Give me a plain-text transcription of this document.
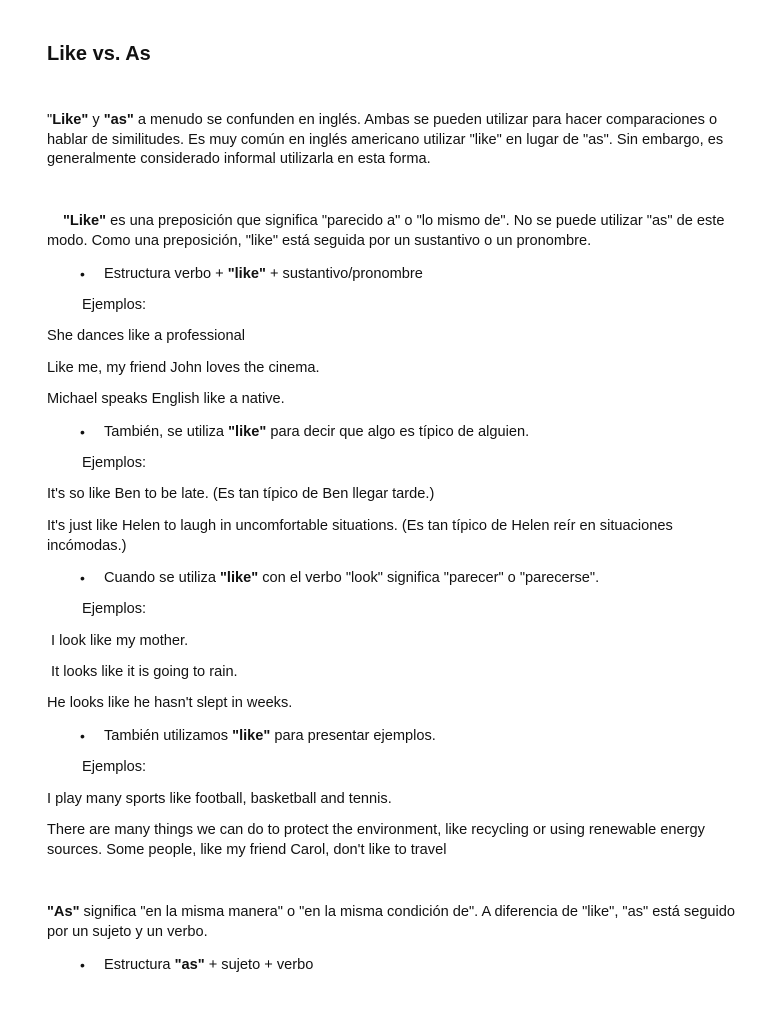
Like vs. As

"Like" y "as" a menudo se confunden en inglés. Ambas se pueden utilizar para hacer comparaciones o hablar de similitudes. Es muy común en inglés americano utilizar "like" en lugar de "as". Sin embargo, es generalmente considerado informal utilizarla en esta forma.

"Like" es una preposición que significa "parecido a" o "lo mismo de". No se puede utilizar "as" de este modo. Como una preposición, "like" está seguida por un sustantivo o un pronombre.

•	Estructura verbo + "like" + sustantivo/pronombre

Ejemplos:

She dances like a professional

Like me, my friend John loves the cinema.

Michael speaks English like a native.

•	También, se utiliza "like" para decir que algo es típico de alguien.

Ejemplos:

It's so like Ben to be late. (Es tan típico de Ben llegar tarde.)

It's just like Helen to laugh in uncomfortable situations. (Es tan típico de Helen reír en situaciones incómodas.)

•	Cuando se utiliza "like" con el verbo "look" significa "parecer" o "parecerse".

Ejemplos:

I look like my mother.

It looks like it is going to rain.

He looks like he hasn't slept in weeks.

•	También utilizamos "like" para presentar ejemplos.

Ejemplos:

I play many sports like football, basketball and tennis.

There are many things we can do to protect the environment, like recycling or using renewable energy sources. Some people, like my friend Carol, don't like to travel

"As" significa "en la misma manera" o "en la misma condición de". A diferencia de "like", "as" está seguido por un sujeto y un verbo.

•	Estructura "as" + sujeto + verbo
